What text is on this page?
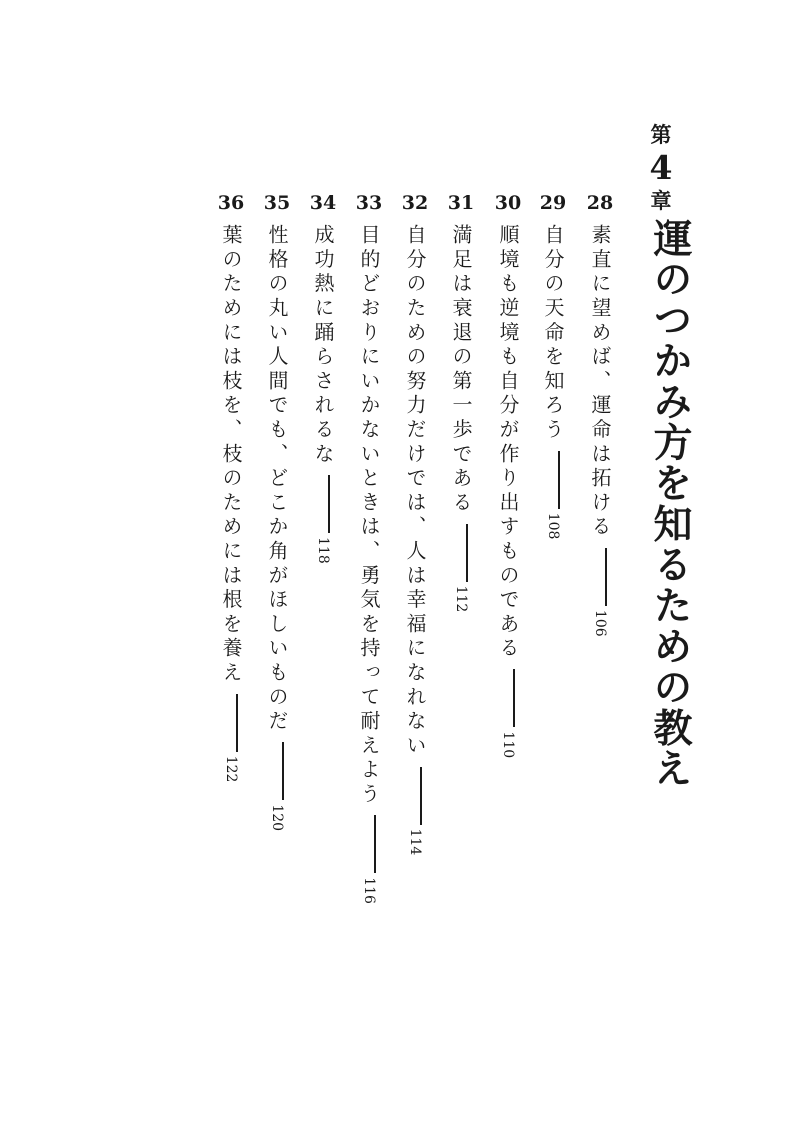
第
4
章
運のつかみ方を知るための教え
28
素直に望めば、運命は拓ける106
29
自分の天命を知ろう108
30
順境も逆境も自分が作り出すものである110
31
満足は衰退の第一歩である112
32
自分のための努力だけでは、人は幸福になれない114
33
目的どおりにいかないときは、勇気を持って耐えよう116
34
成功熱に踊らされるな118
35
性格の丸い人間でも、どこか角がほしいものだ120
36
葉のためには枝を、枝のためには根を養え122
